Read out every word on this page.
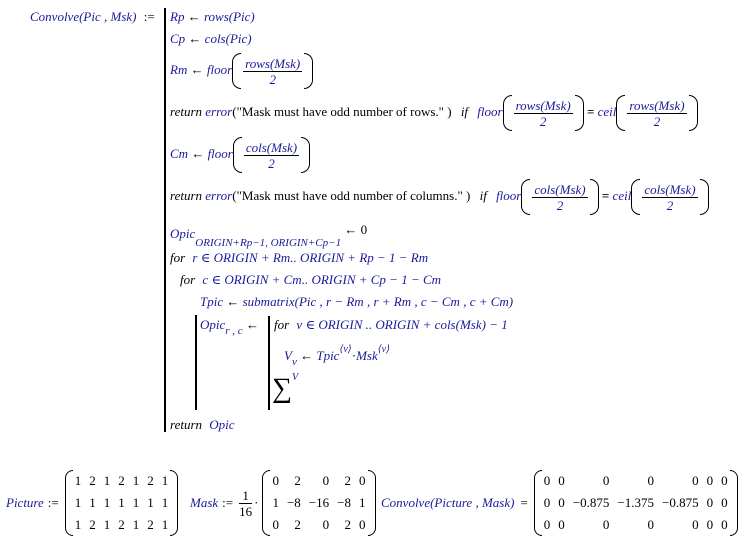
Convolve(Pic , Msk) := Rp ← rows(Pic)
Cp ← cols(Pic)
Rm ← floor $\frac{\text{rows(Msk)}}{2}$
return error("Mask must have odd number of rows." ) if floor $\frac{\text{rows(Msk)}}{2}$ = ceil $\frac{\text{rows(Msk)}}{2}$
Cm ← floor $\frac{\text{cols(Msk)}}{2}$
return error("Mask must have odd number of columns." ) if floor $\frac{\text{cols(Msk)}}{2}$ = ceil $\frac{\text{cols(Msk)}}{2}$
Opic$_{ORIGIN+Rp-1, ORIGIN+Cp-1}$ ← 0
for r ∈ ORIGIN + Rm.. ORIGIN + Rp − 1 − Rm
for c ∈ ORIGIN + Cm.. ORIGIN + Cp − 1 − Cm
Tpic ← submatrix(Pic , r − Rm , r + Rm , c − Cm , c + Cm)
Opic$_{r , c}$ ← for v ∈ ORIGIN .. ORIGIN + cols(Msk) − 1
$V_v$ ← Tpic$^{⟨v⟩}$·Msk$^{⟨v⟩}$
∑$^V$
return Opic
Picture :=
1	2	1	2	1	2	1
1	1	1	1	1	1	1
1	2	1	2	1	2	1
Mask := $\frac{1}{16}$ ·
0	2	0	2	0
1	−8	−16	−8	1
0	2	0	2	0
Convolve(Picture , Mask) =
0	0	0	0	0	0	0
0	0	−0.875	−1.375	−0.875	0	0
0	0	0	0	0	0	0
